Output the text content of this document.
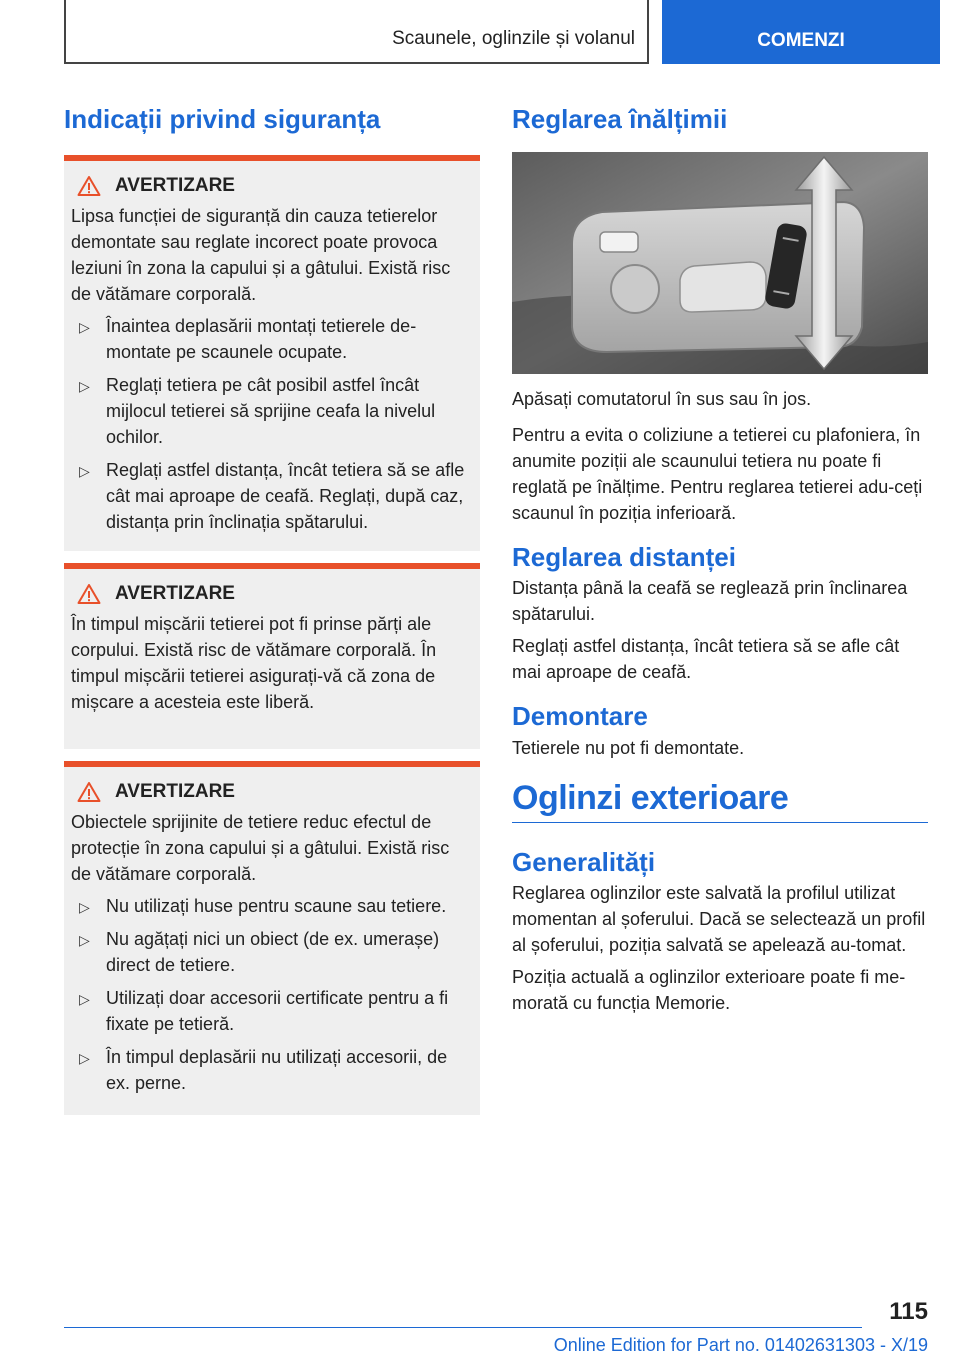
Scaunele, oglinzile și volanul	COMENZI
Indicații privind siguranța
AVERTIZARE

Lipsa funcției de siguranță din cauza tetierelor demontate sau reglate incorect poate provoca leziuni în zona la capului și a gâtului. Există risc de vătămare corporală.

▷ Înaintea deplasării montați tetierele de-montate pe scaunele ocupate.
▷ Reglați tetiera pe cât posibil astfel încât mijlocul tetierei să sprijine ceafa la nivelul ochilor.
▷ Reglați astfel distanța, încât tetiera să se afle cât mai aproape de ceafă. Reglați, după caz, distanța prin înclinația spătarului.
AVERTIZARE

În timpul mișcării tetierei pot fi prinse părți ale corpului. Există risc de vătămare corporală. În timpul mișcării tetierei asigurați-vă că zona de mișcare a acesteia este liberă.

AVERTIZARE

Obiectele sprijinite de tetiere reduc efectul de protecție în zona capului și a gâtului. Există risc de vătămare corporală.

▷ Nu utilizați huse pentru scaune sau tetiere.
▷ Nu agățați nici un obiect (de ex. umerașe) direct de tetiere.
▷ Utilizați doar accesorii certificate pentru a fi fixate pe tetieră.
▷ În timpul deplasării nu utilizați accesorii, de ex. perne.
Reglarea înălțimii

Apăsați comutatorul în sus sau în jos.

Pentru a evita o coliziune a tetierei cu plafoniera, în anumite poziții ale scaunului tetiera nu poate fi reglată pe înălțime. Pentru reglarea tetierei adu-ceți scaunul în poziția inferioară.

Reglarea distanței

Distanța până la ceafă se reglează prin înclinarea spătarului.

Reglați astfel distanța, încât tetiera să se afle cât mai aproape de ceafă.

Demontare

Tetierele nu pot fi demontate.

Oglinzi exterioare
Generalități

Reglarea oglinzilor este salvată la profilul utilizat momentan al șoferului. Dacă se selectează un profil al șoferului, poziția salvată se apelează au-tomat.

Poziția actuală a oglinzilor exterioare poate fi me-morată cu funcția Memorie.

115
Online Edition for Part no. 01402631303 - X/19
